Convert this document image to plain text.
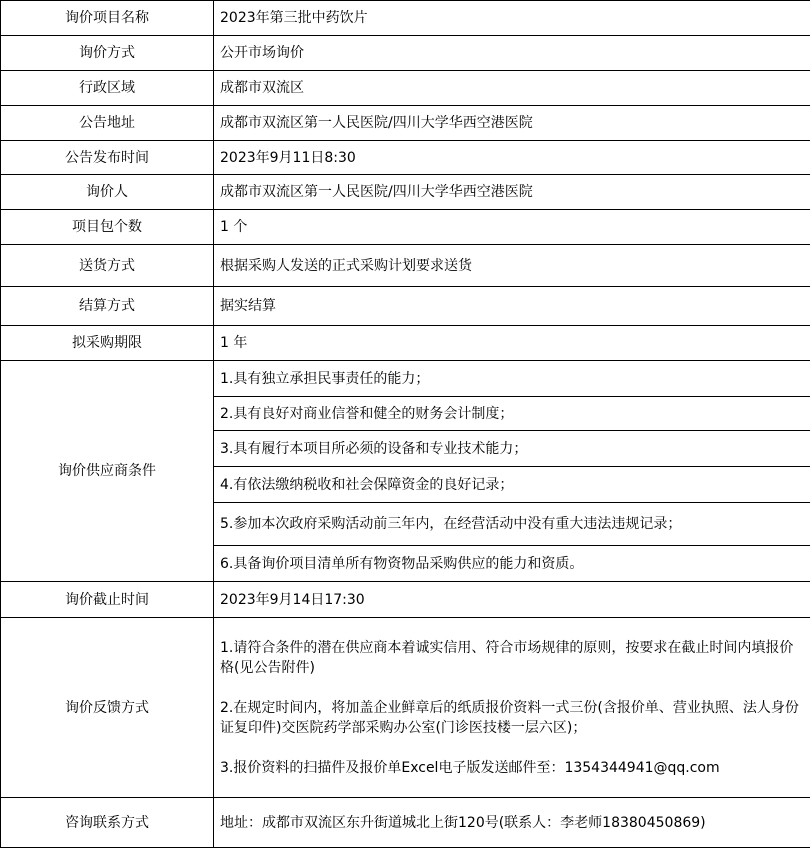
询价项目名称	2023年第三批中药饮片
询价方式	公开市场询价
行政区域	成都市双流区
公告地址	成都市双流区第一人民医院/四川大学华西空港医院
公告发布时间	2023年9月11日8:30
询价人	成都市双流区第一人民医院/四川大学华西空港医院
项目包个数	1 个
送货方式	根据采购人发送的正式采购计划要求送货
结算方式	据实结算
拟采购期限	1 年
询价供应商条件	1.具有独立承担民事责任的能力；
	2.具有良好对商业信誉和健全的财务会计制度；
	3.具有履行本项目所必须的设备和专业技术能力；
	4.有依法缴纳税收和社会保障资金的良好记录；
	5.参加本次政府采购活动前三年内，在经营活动中没有重大违法违规记录；
	6.具备询价项目清单所有物资物品采购供应的能力和资质。
询价截止时间	2023年9月14日17:30
询价反馈方式	1.请符合条件的潜在供应商本着诚实信用、符合市场规律的原则，按要求在截止时间内填报价格(见公告附件)
2.在规定时间内，将加盖企业鲜章后的纸质报价资料一式三份(含报价单、营业执照、法人身份证复印件)交医院药学部采购办公室(门诊医技楼一层六区)；
3.报价资料的扫描件及报价单Excel电子版发送邮件至：1354344941@qq.com

咨询联系方式	地址：成都市双流区东升街道城北上街120号(联系人：李老师18380450869)
